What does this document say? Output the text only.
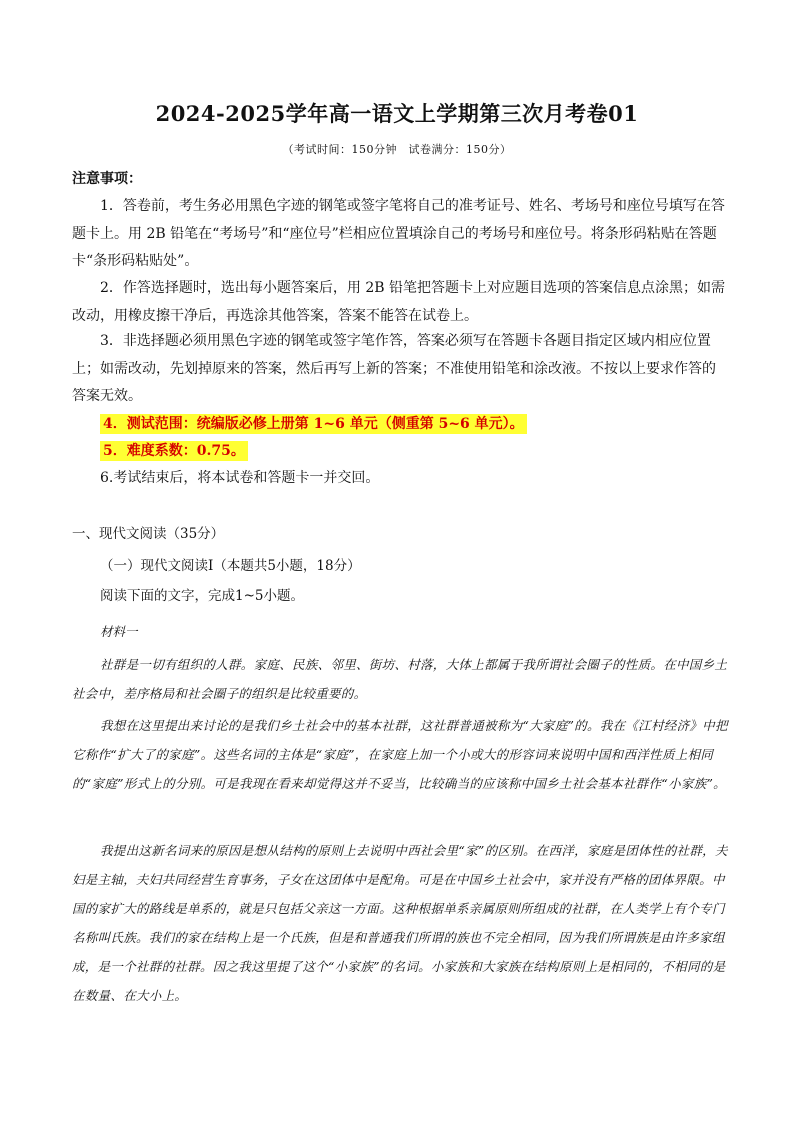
2024-2025学年高一语文上学期第三次月考卷01
（考试时间：150分钟　试卷满分：150分）
注意事项：
1．答卷前，考生务必用黑色字迹的钢笔或签字笔将自己的准考证号、姓名、考场号和座位号填写在答题卡上。用 2B 铅笔在“考场号”和“座位号”栏相应位置填涂自己的考场号和座位号。将条形码粘贴在答题卡“条形码粘贴处”。
2．作答选择题时，选出每小题答案后，用 2B 铅笔把答题卡上对应题目选项的答案信息点涂黑；如需改动，用橡皮擦干净后，再选涂其他答案，答案不能答在试卷上。
3．非选择题必须用黑色字迹的钢笔或签字笔作答，答案必须写在答题卡各题目指定区域内相应位置上；如需改动，先划掉原来的答案，然后再写上新的答案；不准使用铅笔和涂改液。不按以上要求作答的答案无效。
4．测试范围：统编版必修上册第 1~6 单元（侧重第 5~6 单元）。
5．难度系数：0.75。
6.考试结束后，将本试卷和答题卡一并交回。
一、现代文阅读（35分）
（一）现代文阅读Ⅰ（本题共5小题，18分）
阅读下面的文字，完成1~5小题。
材料一
社群是一切有组织的人群。家庭、民族、邻里、街坊、村落，大体上都属于我所谓社会圈子的性质。在中国乡土社会中，差序格局和社会圈子的组织是比较重要的。
我想在这里提出来讨论的是我们乡土社会中的基本社群，这社群普通被称为“大家庭”的。我在《江村经济》中把它称作“扩大了的家庭”。这些名词的主体是“家庭”，在家庭上加一个小或大的形容词来说明中国和西洋性质上相同的“家庭”形式上的分别。可是我现在看来却觉得这并不妥当，比较确当的应该称中国乡土社会基本社群作“小家族”。
我提出这新名词来的原因是想从结构的原则上去说明中西社会里“家”的区别。在西洋，家庭是团体性的社群，夫妇是主轴，夫妇共同经营生育事务，子女在这团体中是配角。可是在中国乡土社会中，家并没有严格的团体界限。中国的家扩大的路线是单系的，就是只包括父亲这一方面。这种根据单系亲属原则所组成的社群，在人类学上有个专门名称叫氏族。我们的家在结构上是一个氏族，但是和普通我们所谓的族也不完全相同，因为我们所谓族是由许多家组成，是一个社群的社群。因之我这里提了这个“小家族”的名词。小家族和大家族在结构原则上是相同的，不相同的是在数量、在大小上。
